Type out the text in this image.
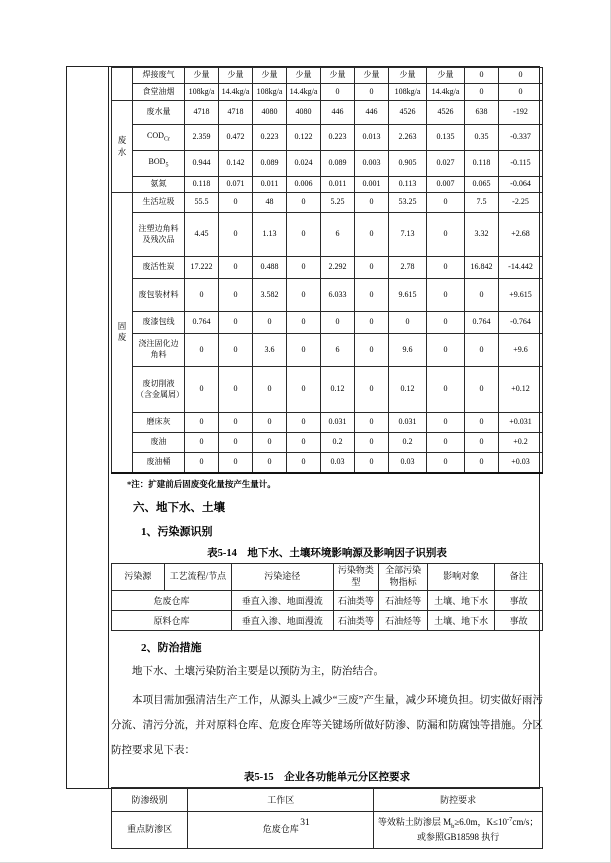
	焊接废气	少量	少量	少量	少量	少量	少量	少量	少量	0	0
	食堂油烟	108kg/a	14.4kg/a	108kg/a	14.4kg/a	0	0	108kg/a	14.4kg/a	0	0
废
水	废水量	4718	4718	4080	4080	446	446	4526	4526	638	-192
	$COD_{Cr}$	2.359	0.472	0.223	0.122	0.223	0.013	2.263	0.135	0.35	-0.337
	$BOD_5$	0.944	0.142	0.089	0.024	0.089	0.003	0.905	0.027	0.118	-0.115
	氨氮	0.118	0.071	0.011	0.006	0.011	0.001	0.113	0.007	0.065	-0.064
固
废	生活垃圾	55.5	0	48	0	5.25	0	53.25	0	7.5	-2.25
	注塑边角料及残次品	4.45	0	1.13	0	6	0	7.13	0	3.32	+2.68
	废活性炭	17.222	0	0.488	0	2.292	0	2.78	0	16.842	-14.442
	废包装材料	0	0	3.582	0	6.033	0	9.615	0	0	+9.615
	废漆包线	0.764	0	0	0	0	0	0	0	0.764	-0.764
	浇注固化边角料	0	0	3.6	0	6	0	9.6	0	0	+9.6
	废切削液（含金属屑）	0	0	0	0	0.12	0	0.12	0	0	+0.12
	磨床灰	0	0	0	0	0.031	0	0.031	0	0	+0.031
	废油	0	0	0	0	0.2	0	0.2	0	0	+0.2
	废油桶	0	0	0	0	0.03	0	0.03	0	0	+0.03
*注：扩建前后固废变化量按产生量计。
六、地下水、土壤
1、污染源识别
表5-14　地下水、土壤环境影响源及影响因子识别表
污染源	工艺流程/节点	污染途径	污染物类型	全部污染物指标	影响对象	备注
危废仓库		垂直入渗、地面漫流	石油类等	石油烃等	土壤、地下水	事故
原料仓库		垂直入渗、地面漫流	石油类等	石油烃等	土壤、地下水	事故
2、防治措施
地下水、土壤污染防治主要是以预防为主，防治结合。
本项目需加强清洁生产工作，从源头上减少“三废”产生量，减少环境负担。切实做好雨污分流、清污分流，并对原料仓库、危废仓库等关键场所做好防渗、防漏和防腐蚀等措施。分区防控要求见下表：
表5-15　企业各功能单元分区控要求
防渗级别	工作区	防控要求
重点防渗区	危废仓库	等效粘土防渗层 $M_b\ge 6.0m$，$K\le 10^{-7}cm/s$；
或参照GB18598 执行
31
